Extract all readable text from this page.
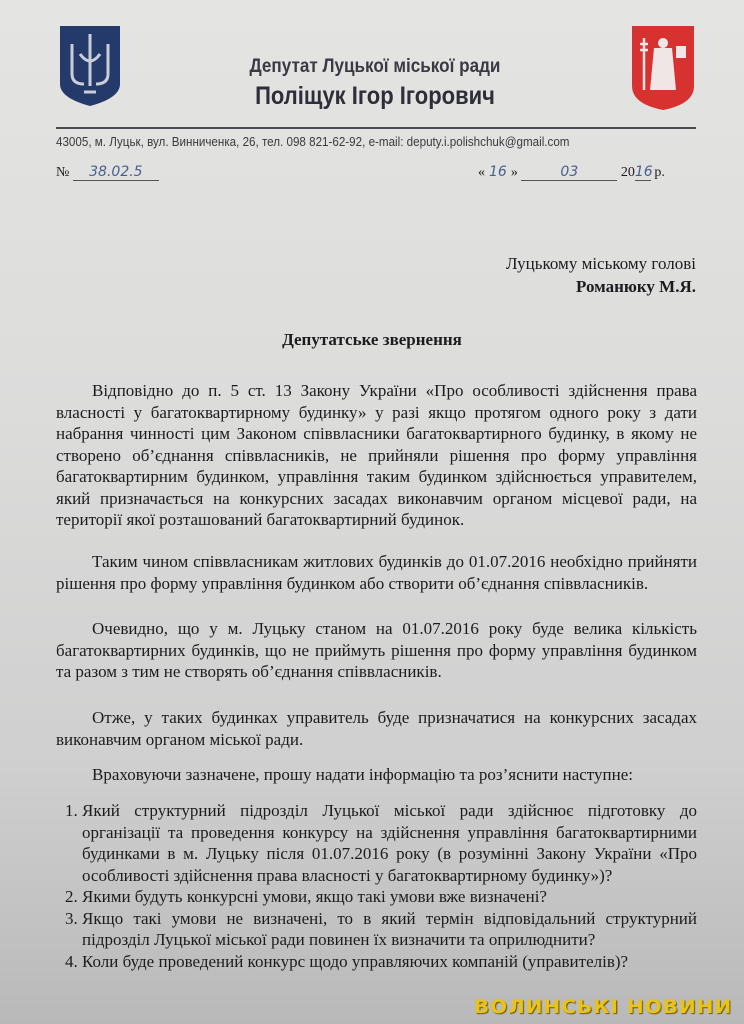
Депутат Луцької міської ради
Поліщук Ігор Ігорович
43005, м. Луцьк, вул. Винниченка, 26, тел. 098 821-62-92, e-mail: deputy.i.polishchuk@gmail.com
№ 38.02.5	« 16 »	03	2016 р.
Луцькому міському голові
Романюку М.Я.
Депутатське звернення

Відповідно до п. 5 ст. 13 Закону України «Про особливості здійснення права власності у багатоквартирному будинку» у разі якщо протягом одного року з дати набрання чинності цим Законом співвласники багатоквартирного будинку, в якому не створено об’єднання співвласників, не прийняли рішення про форму управління багатоквартирним будинком, управління таким будинком здійснюється управителем, який призначається на конкурсних засадах виконавчим органом місцевої ради, на території якої розташований багатоквартирний будинок.

Таким чином співвласникам житлових будинків до 01.07.2016 необхідно прийняти рішення про форму управління будинком або створити об’єднання співвласників.

Очевидно, що у м. Луцьку станом на 01.07.2016 року буде велика кількість багатоквартирних будинків, що не приймуть рішення про форму управління будинком та разом з тим не створять об’єднання співвласників.

Отже, у таких будинках управитель буде призначатися на конкурсних засадах виконавчим органом міської ради.

Враховуючи зазначене, прошу надати інформацію та роз’яснити наступне:

1. Який структурний підрозділ Луцької міської ради здійснює підготовку до організації та проведення конкурсу на здійснення управління багатоквартирними будинками в м. Луцьку після 01.07.2016 року (в розумінні Закону України «Про особливості здійснення права власності у багатоквартирному будинку»)?
2. Якими будуть конкурсні умови, якщо такі умови вже визначені?
3. Якщо такі умови не визначені, то в який термін відповідальний структурний підрозділ Луцької міської ради повинен їх визначити та оприлюднити?
4. Коли буде проведений конкурс щодо управляючих компаній (управителів)?
ВОЛИНСЬКІ НОВИНИ
